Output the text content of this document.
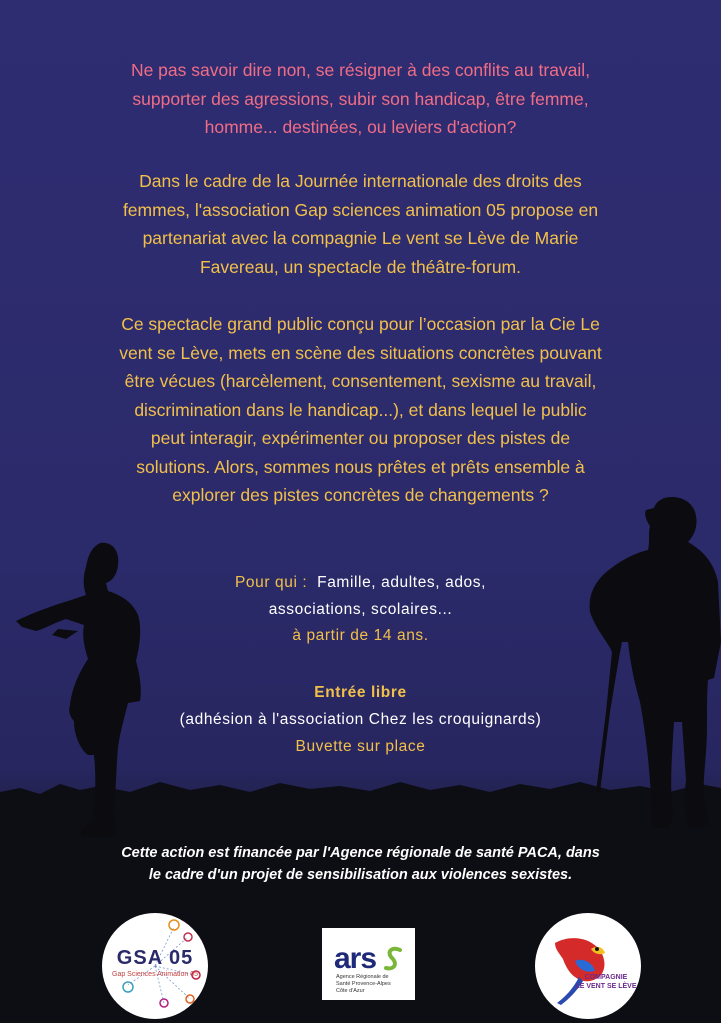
Ne pas savoir dire non, se résigner à des conflits au travail,
supporter des agressions, subir son handicap, être femme,
homme... destinées, ou leviers d'action?

Dans le cadre de la Journée internationale des droits des
femmes, l'association Gap sciences animation 05 propose en
partenariat avec la compagnie Le vent se Lève de Marie
Favereau, un spectacle de théâtre-forum.

Ce spectacle grand public conçu pour l’occasion par la Cie Le
vent se Lève, mets en scène des situations concrètes pouvant
être vécues (harcèlement, consentement, sexisme au travail,
discrimination dans le handicap...), et dans lequel le public
peut interagir, expérimenter ou proposer des pistes de
solutions. Alors, sommes nous prêtes et prêts ensemble à
explorer des pistes concrètes de changements ?

Pour qui : Famille, adultes, ados,
associations, scolaires...
à partir de 14 ans.
Entrée libre
(adhésion à l'association Chez les croquignards)
Buvette sur place

Cette action est financée par l'Agence régionale de santé PACA, dans
le cadre d'un projet de sensibilisation aux violences sexistes.

GSA 05
Gap Sciences Animation 05	ars
Agence Régionale de Santé Provence-Alpes Côte d'Azur
COMPAGNIE
LE VENT SE LÈVE
